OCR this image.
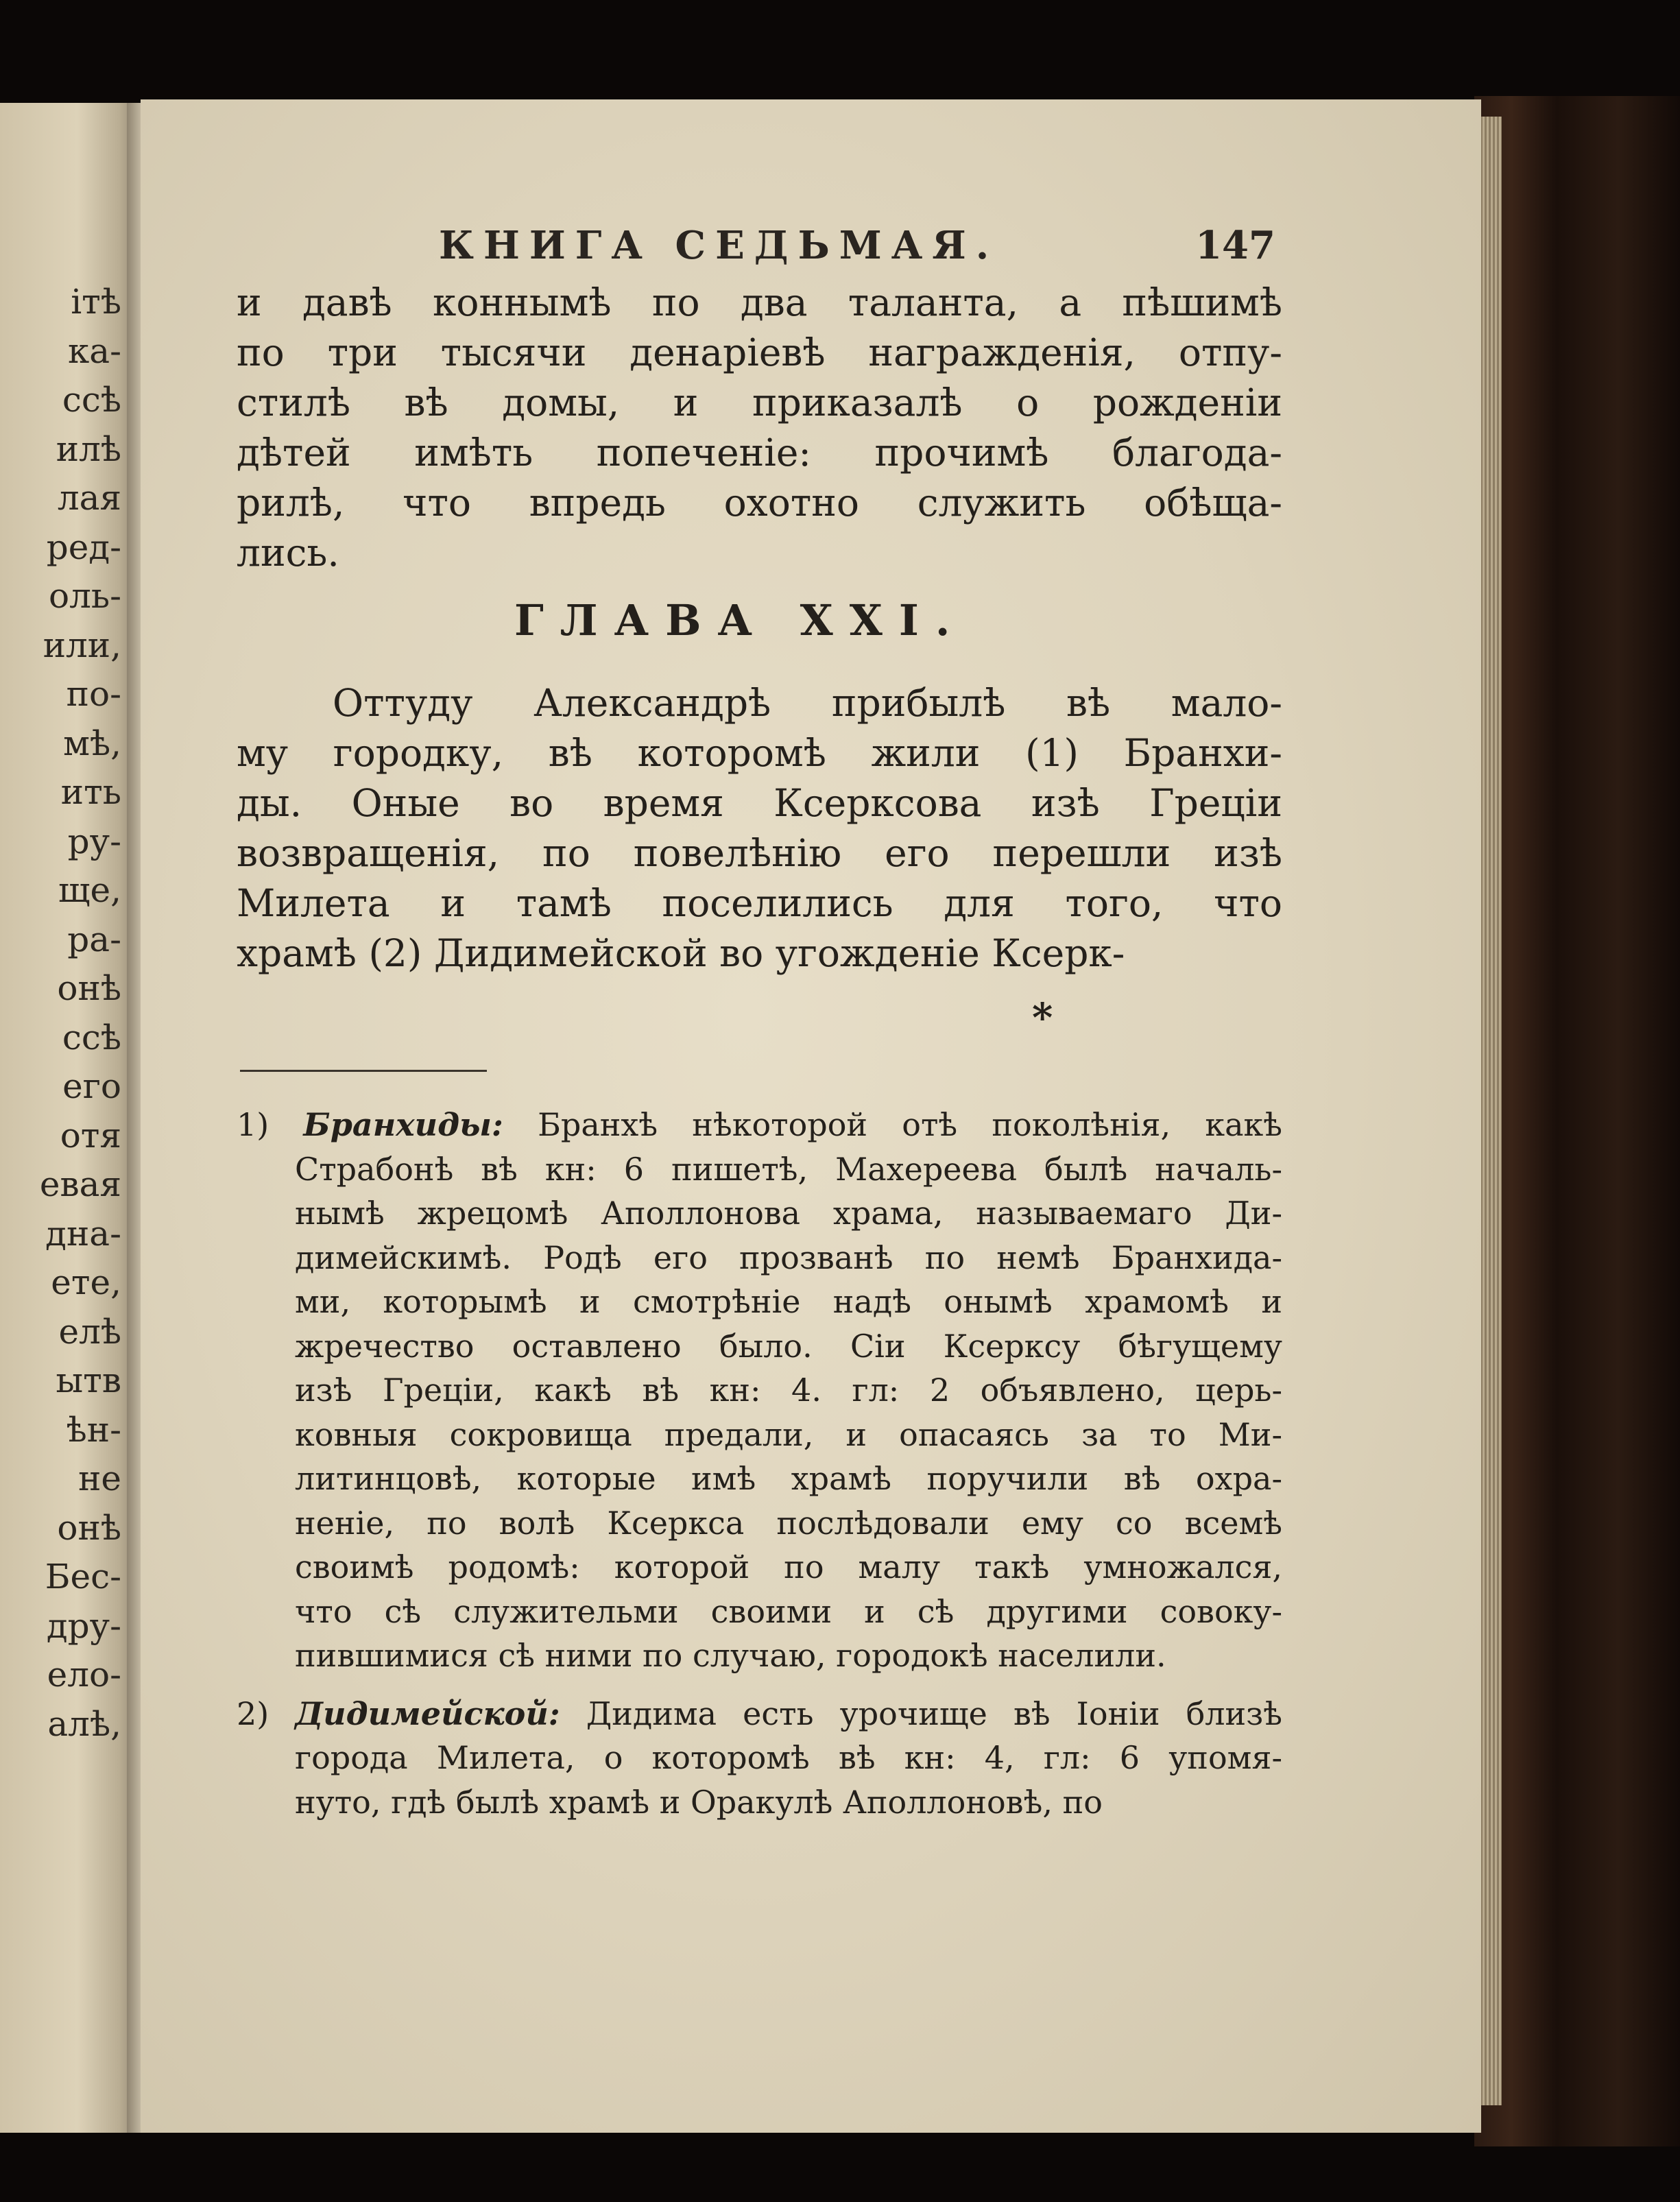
ітѣ
ка-
ссѣ
илѣ
лая
ред-
оль-
или,
по-
мѣ,
ить
ру-
ще,
ра-
онѣ
ссѣ
его
отя
евая
дна-
ете,
елѣ
ытв
ѣн-
не
онѣ
Бес-
дру-
ело-
алѣ,
КНИГА СЕДЬМАЯ.	147
и давѣ коннымѣ по два таланта, а пѣшимѣ
по три тысячи денаріевѣ награжденія, отпу-
стилѣ вѣ домы, и приказалѣ о рожденіи
дѣтей имѣть попеченіе: прочимѣ благода-
рилѣ, что впредь охотно служить обѣща-
лись.
ГЛАВА XXI.
Оттуду Александрѣ прибылѣ вѣ мало-
му городку, вѣ которомѣ жили (1) Бранхи-
ды. Оные во время Ксерксова изѣ Греціи
возвращенія, по повелѣнію его перешли изѣ
Милета и тамѣ поселились для того, что
храмѣ (2) Дидимейской во угожденіе Ксерк-
*
1) Бранхиды: Бранхѣ нѣкоторой отѣ поколѣнія, какѣ
Страбонѣ вѣ кн: 6 пишетѣ, Махереева былѣ началь-
нымѣ жрецомѣ Аполлонова храма, называемаго Ди-
димейскимѣ. Родѣ его прозванѣ по немѣ Бранхида-
ми, которымѣ и смотрѣніе надѣ онымѣ храмомѣ и
жречество оставлено было. Сіи Ксерксу бѣгущему
изѣ Греціи, какѣ вѣ кн: 4. гл: 2 объявлено, церь-
ковныя сокровища предали, и опасаясь за то Ми-
литинцовѣ, которые имѣ храмѣ поручили вѣ охра-
неніе, по волѣ Ксеркса послѣдовали ему со всемѣ
своимѣ родомѣ: которой по малу такѣ умножался,
что сѣ служительми своими и сѣ другими совоку-
пившимися сѣ ними по случаю, городокѣ населили.
2) Дидимейской: Дидима есть урочище вѣ Іоніи близѣ
города Милета, о которомѣ вѣ кн: 4, гл: 6 упомя-
нуто, гдѣ былѣ храмѣ и Оракулѣ Аполлоновѣ, по
